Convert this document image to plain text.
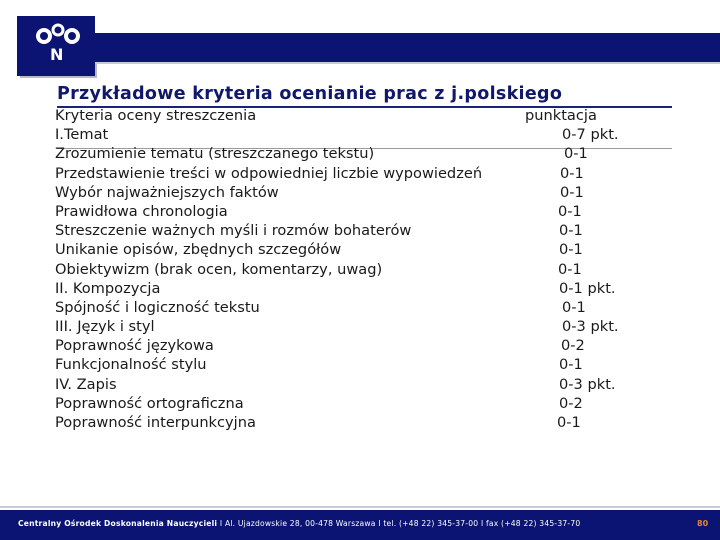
N
Przykładowe kryteria ocenianie prac z j.polskiego
Kryteria oceny streszczenia	punktacja
I.Temat	0-7 pkt.
Zrozumienie tematu (streszczanego tekstu)	0-1
Przedstawienie treści w odpowiedniej liczbie wypowiedzeń	0-1
Wybór najważniejszych faktów	0-1
Prawidłowa chronologia	0-1
Streszczenie ważnych myśli i rozmów bohaterów	0-1
Unikanie opisów, zbędnych szczegółów	0-1
Obiektywizm (brak ocen, komentarzy, uwag)	0-1
II. Kompozycja	0-1 pkt.
Spójność i logiczność tekstu	0-1
III. Język i styl	0-3 pkt.
Poprawność językowa	0-2
Funkcjonalność stylu	0-1
IV. Zapis	0-3 pkt.
Poprawność ortograficzna	0-2
Poprawność interpunkcyjna	0-1
Centralny Ośrodek Doskonalenia Nauczycieli I Al. Ujazdowskie 28, 00-478 Warszawa I tel. (+48 22) 345-37-00 I fax (+48 22) 345-37-70	80
